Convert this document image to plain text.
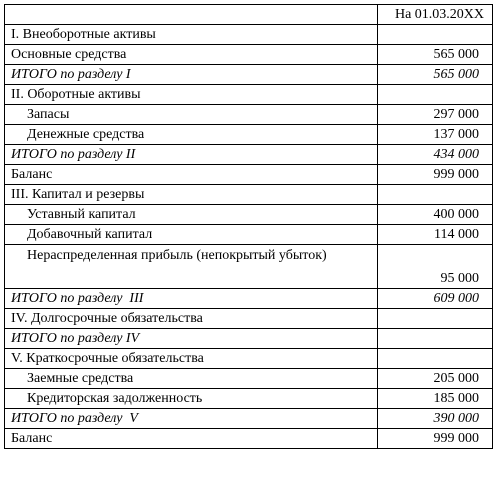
	На 01.03.20XX
I. Внеоборотные активы	
Основные средства	565 000
ИТОГО по разделу I	565 000
II. Оборотные активы	
Запасы	297 000
Денежные средства	137 000
ИТОГО по разделу II	434 000
Баланс	999 000
III. Капитал и резервы	
Уставный капитал	400 000
Добавочный капитал	114 000
Нераспределенная прибыль (непокрытый убыток)	95 000
ИТОГО по разделу  III	609 000
IV. Долгосрочные обязательства	
ИТОГО по разделу IV	
V. Краткосрочные обязательства	
Заемные средства	205 000
Кредиторская задолженность	185 000
ИТОГО по разделу  V	390 000
Баланс	999 000
